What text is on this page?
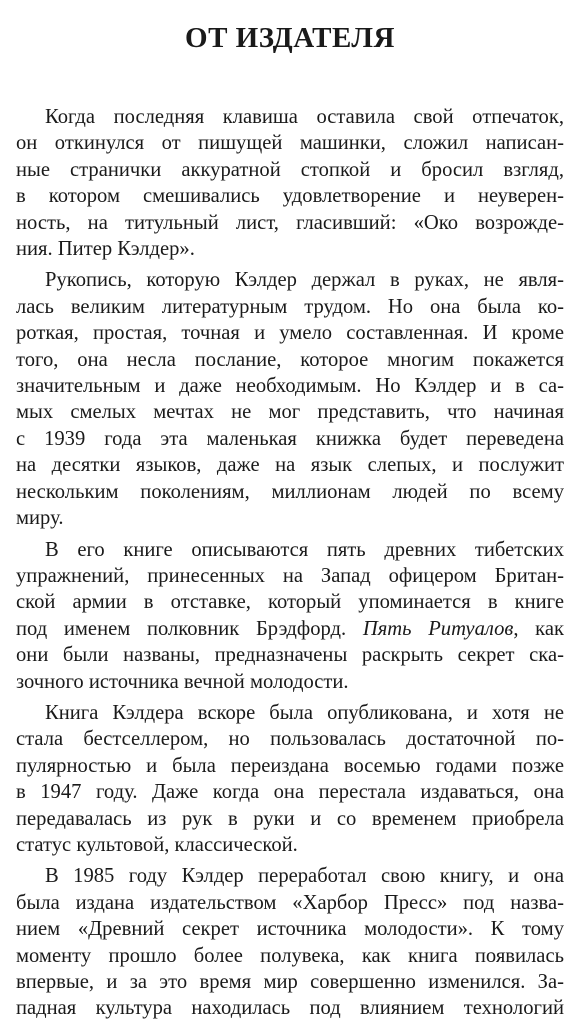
ОТ ИЗДАТЕЛЯ

Когда последняя клавиша оставила свой отпечаток,
он откинулся от пишущей машинки, сложил написан-
ные странички аккуратной стопкой и бросил взгляд,
в котором смешивались удовлетворение и неуверен-
ность, на титульный лист, гласивший: «Око возрожде-
ния. Питер Кэлдер».

Рукопись, которую Кэлдер держал в руках, не явля-
лась великим литературным трудом. Но она была ко-
роткая, простая, точная и умело составленная. И кроме
того, она несла послание, которое многим покажется
значительным и даже необходимым. Но Кэлдер и в са-
мых смелых мечтах не мог представить, что начиная
с 1939 года эта маленькая книжка будет переведена
на десятки языков, даже на язык слепых, и послужит
нескольким поколениям, миллионам людей по всему
миру.

В его книге описываются пять древних тибетских
упражнений, принесенных на Запад офицером Британ-
ской армии в отставке, который упоминается в книге
под именем полковник Брэдфорд. Пять Ритуалов, как
они были названы, предназначены раскрыть секрет ска-
зочного источника вечной молодости.

Книга Кэлдера вскоре была опубликована, и хотя не
стала бестселлером, но пользовалась достаточной по-
пулярностью и была переиздана восемью годами позже
в 1947 году. Даже когда она перестала издаваться, она
передавалась из рук в руки и со временем приобрела
статус культовой, классической.

В 1985 году Кэлдер переработал свою книгу, и она
была издана издательством «Харбор Пресс» под назва-
нием «Древний секрет источника молодости». К тому
моменту прошло более полувека, как книга появилась
впервые, и за это время мир совершенно изменился. За-
падная культура находилась под влиянием технологий
